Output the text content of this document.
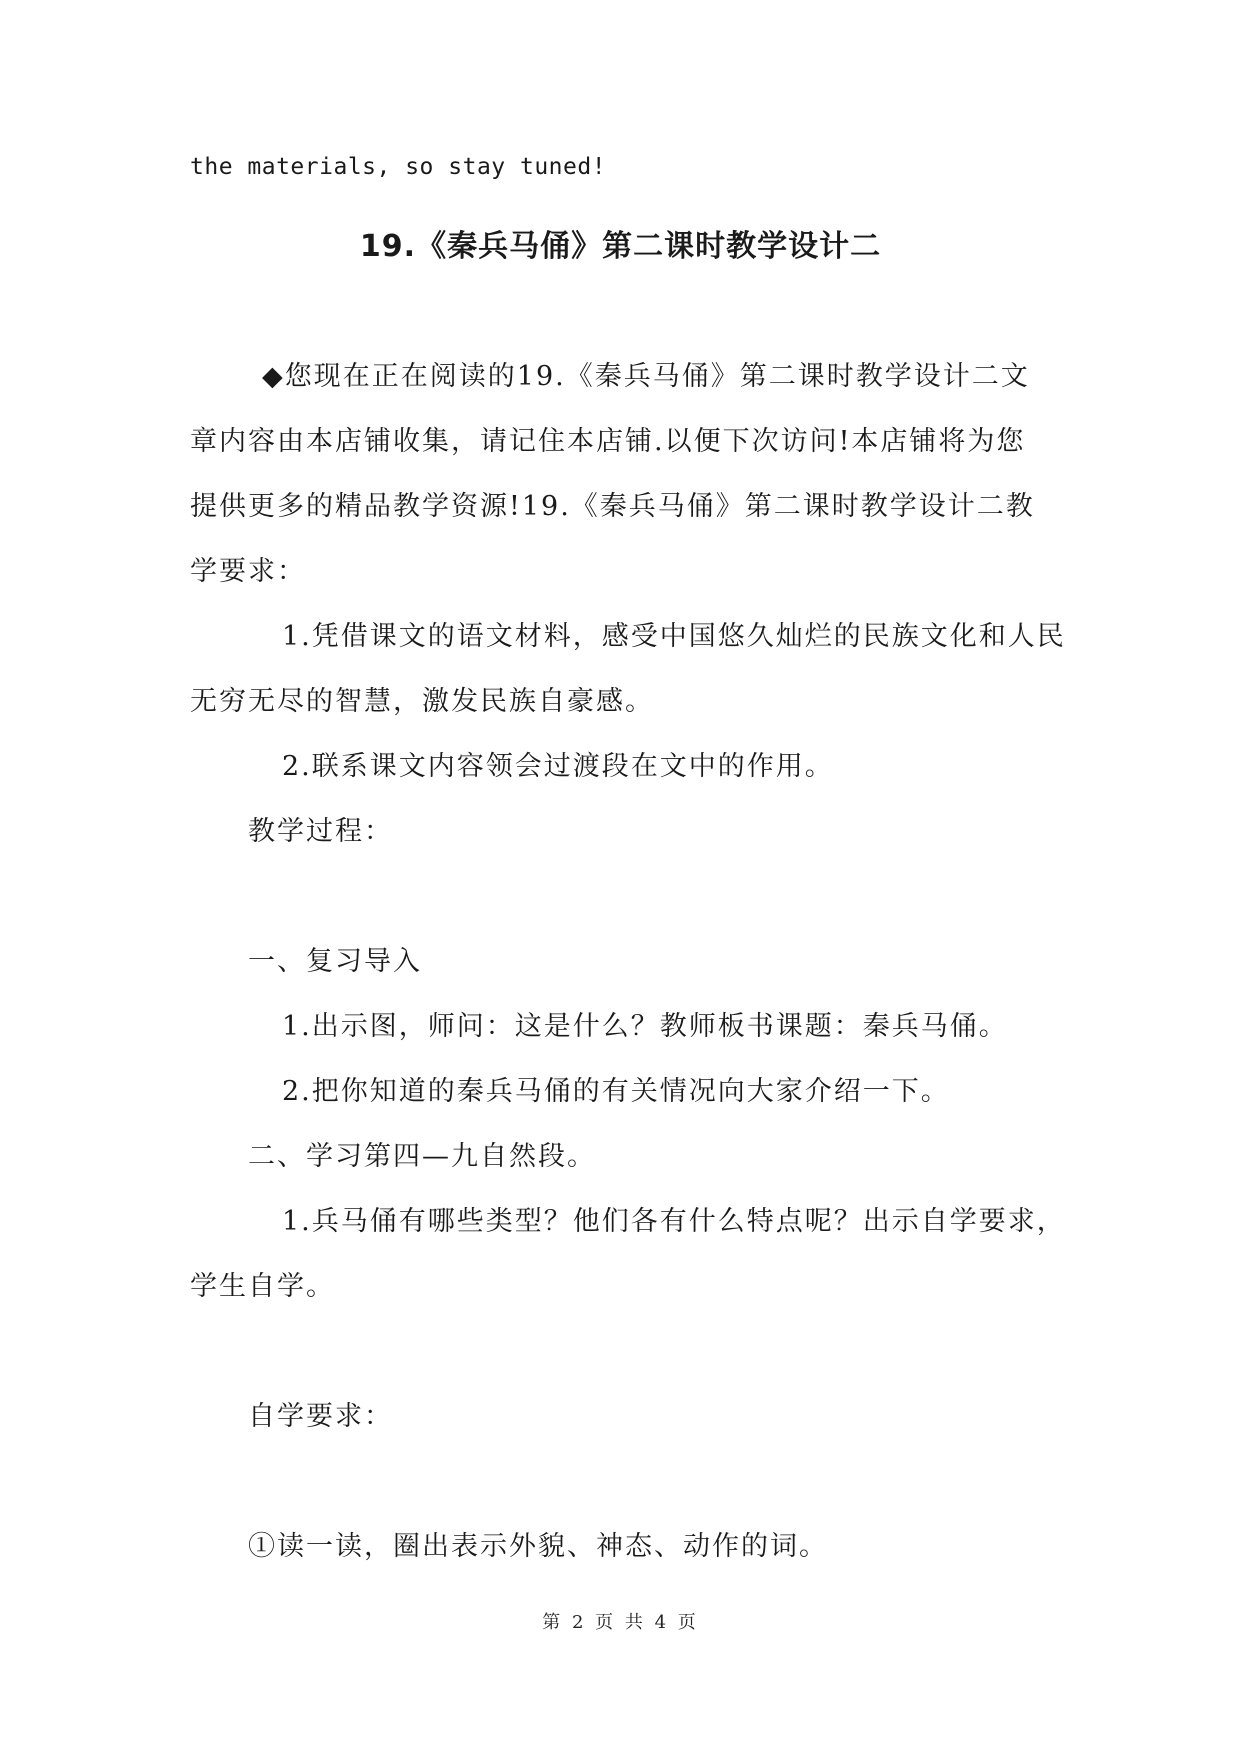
the materials, so stay tuned!
19.《秦兵马俑》第二课时教学设计二
◆您现在正在阅读的19.《秦兵马俑》第二课时教学设计二文
章内容由本店铺收集，请记住本店铺.以便下次访问!本店铺将为您
提供更多的精品教学资源!19.《秦兵马俑》第二课时教学设计二教
学要求：
1.凭借课文的语文材料，感受中国悠久灿烂的民族文化和人民
无穷无尽的智慧，激发民族自豪感。
2.联系课文内容领会过渡段在文中的作用。
教学过程：
一、复习导入
1.出示图，师问：这是什么？教师板书课题：秦兵马俑。
2.把你知道的秦兵马俑的有关情况向大家介绍一下。
二、学习第四—九自然段。
1.兵马俑有哪些类型？他们各有什么特点呢？出示自学要求，
学生自学。
自学要求：
①读一读，圈出表示外貌、神态、动作的词。
第 2 页 共 4 页
